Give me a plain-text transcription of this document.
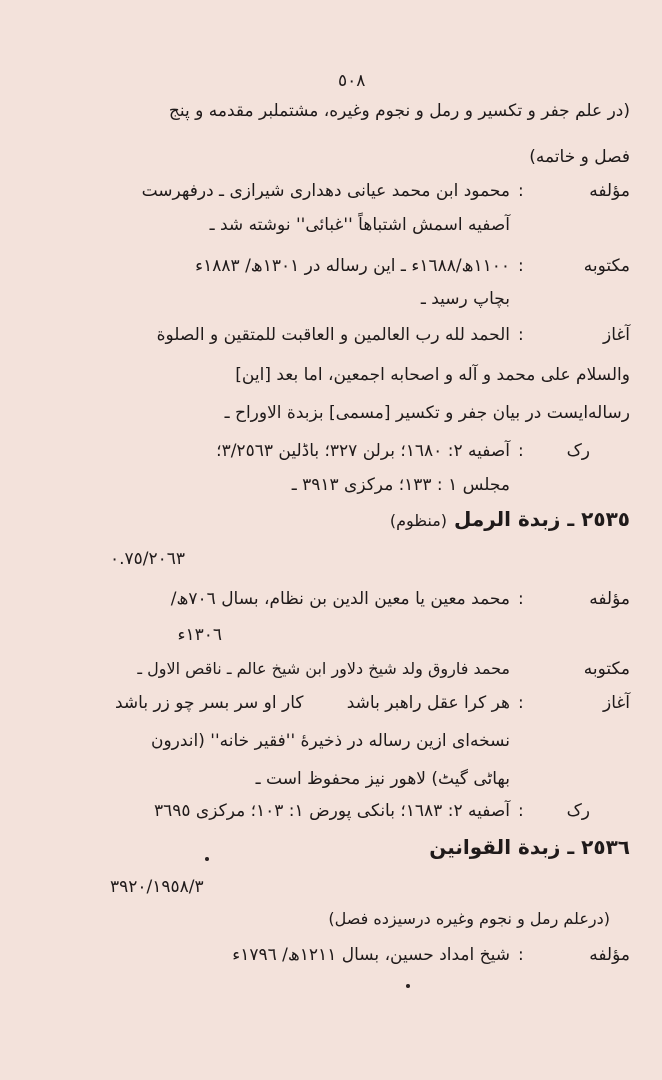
٥٠٨
(در علم جفر و تکسیر و رمل و نجوم وغیره، مشتملبر مقدمه و پنج
فصل و خاتمه)
مؤلفه
:
محمود ابن محمد عیانی دهداری شیرازی ـ درفهرست
آصفیه اسمش اشتباهاً ''غبائی'' نوشته شد ـ
مکتوبه
:
١١٠٠ھ/١٦٨٨ء ـ این رساله در ١٣٠١ھ/ ١٨٨٣ء
بچاپ رسید ـ
آغاز
:
الحمد لله رب العالمین و العاقبت للمتقین و الصلوة
والسلام علی محمد و آله و اصحابه اجمعین، اما بعد [این]
رساله‌ایست در بیان جفر و تکسیر [مسمی] بزبدة الاوراح ـ
رک
:
آصفیه ٢: ١٦٨٠؛ برلن ٣٢٧؛ باڈلین ٣/٢٥٦٣؛
مجلس ١ : ١٣٣؛ مرکزی ٣٩١٣ ـ
٢٥٣٥ ـ زبدة الرمل (منظوم)
٠.٧٥/٢٠٦٣
مؤلفه
:
محمد معین یا معین الدین بن نظام، بسال ٧٠٦ھ/
١٣٠٦ء
مکتوبه
محمد فاروق ولد شیخ دلاور ابن شیخ عالم ـ ناقص الاول ـ
آغاز
:
هر کرا عقل راهبر باشد        کار او سر بسر چو زر باشد
نسخه‌ای ازین رساله در ذخیرهٔ ''فقیر خانه'' (اندرون
بهاٹی گیٹ) لاهور نیز محفوظ است ـ
رک
:
آصفیه ٢: ١٦٨٣؛ بانکی پورض ١: ١٠٣؛ مرکزی ٣٦٩٥
٢٥٣٦ ـ زبدة القوانین
٣٩٢٠/١٩٥٨/٣
(درعلم رمل و نجوم وغیره درسیزده فصل)
مؤلفه
:
شیخ امداد حسین، بسال ١٢١١ھ/ ١٧٩٦ء
